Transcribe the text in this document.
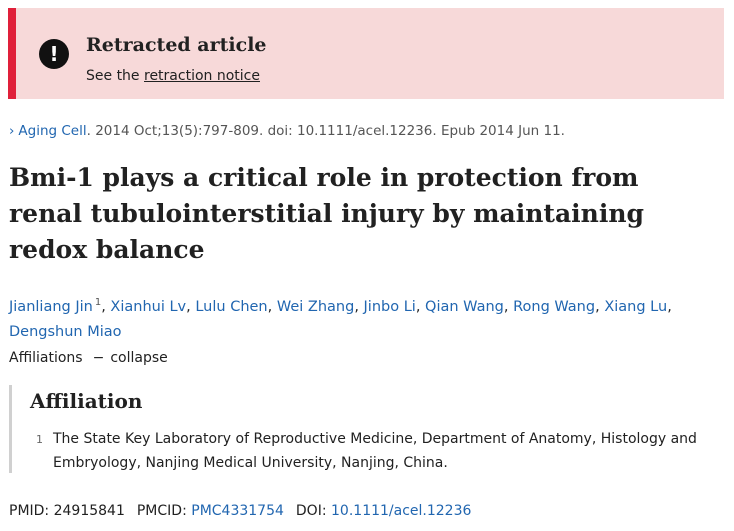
!	Retracted article
See the retraction notice
› Aging Cell. 2014 Oct;13(5):797-809. doi: 10.1111/acel.12236. Epub 2014 Jun 11.
Bmi-1 plays a critical role in protection from renal tubulointerstitial injury by maintaining redox balance
Jianliang Jin $^1$, Xianhui Lv, Lulu Chen, Wei Zhang, Jinbo Li, Qian Wang, Rong Wang, Xiang Lu, Dengshun Miao
Affiliations − collapse
Affiliation
1 The State Key Laboratory of Reproductive Medicine, Department of Anatomy, Histology and Embryology, Nanjing Medical University, Nanjing, China.
PMID: 24915841 PMCID: PMC4331754 DOI: 10.1111/acel.12236
